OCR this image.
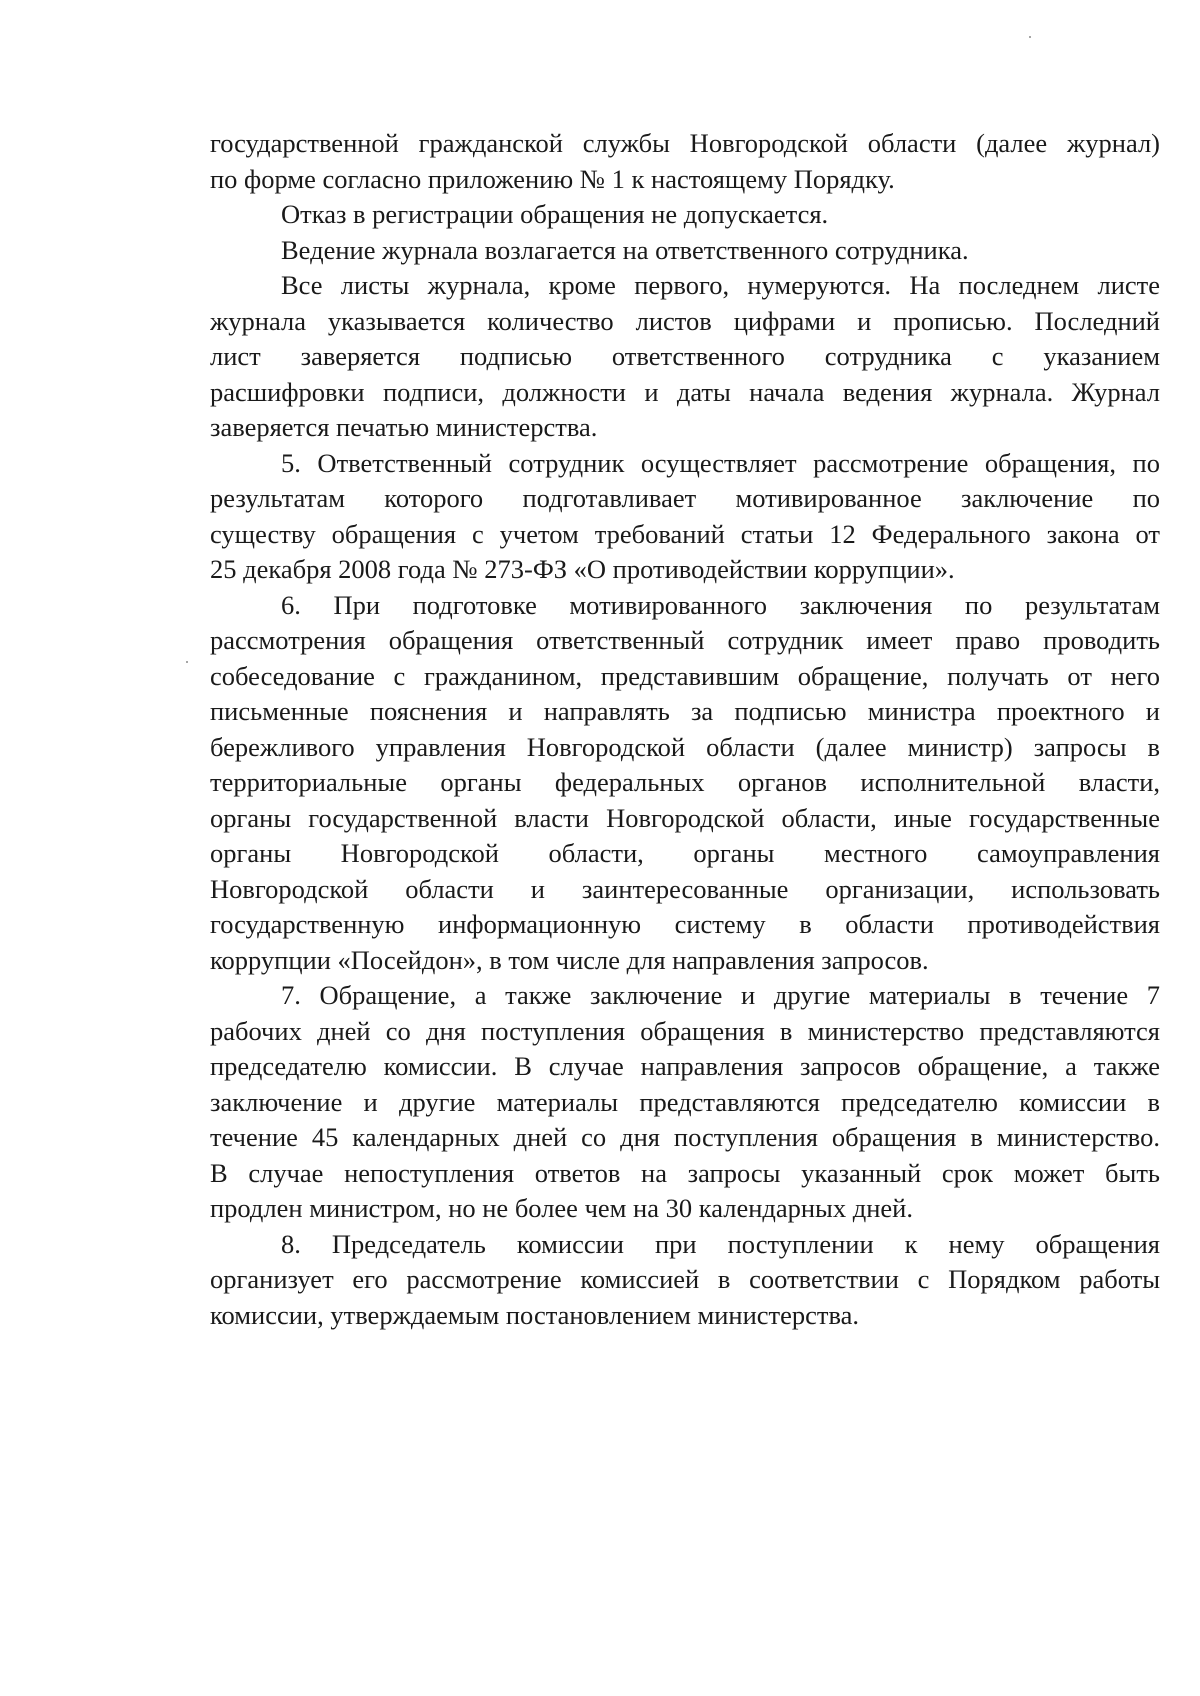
государственной гражданской службы Новгородской области (далее журнал)
по форме согласно приложению № 1 к настоящему Порядку.
Отказ в регистрации обращения не допускается.
Ведение журнала возлагается на ответственного сотрудника.
Все листы журнала, кроме первого, нумеруются. На последнем листе
журнала указывается количество листов цифрами и прописью. Последний
лист заверяется подписью ответственного сотрудника с указанием
расшифровки подписи, должности и даты начала ведения журнала. Журнал
заверяется печатью министерства.
5. Ответственный сотрудник осуществляет рассмотрение обращения, по
результатам которого подготавливает мотивированное заключение по
существу обращения с учетом требований статьи 12 Федерального закона от
25 декабря 2008 года № 273-ФЗ «О противодействии коррупции».
6. При подготовке мотивированного заключения по результатам
рассмотрения обращения ответственный сотрудник имеет право проводить
собеседование с гражданином, представившим обращение, получать от него
письменные пояснения и направлять за подписью министра проектного и
бережливого управления Новгородской области (далее министр) запросы в
территориальные органы федеральных органов исполнительной власти,
органы государственной власти Новгородской области, иные государственные
органы Новгородской области, органы местного самоуправления
Новгородской области и заинтересованные организации, использовать
государственную информационную систему в области противодействия
коррупции «Посейдон», в том числе для направления запросов.
7. Обращение, а также заключение и другие материалы в течение 7
рабочих дней со дня поступления обращения в министерство представляются
председателю комиссии. В случае направления запросов обращение, а также
заключение и другие материалы представляются председателю комиссии в
течение 45 календарных дней со дня поступления обращения в министерство.
В случае непоступления ответов на запросы указанный срок может быть
продлен министром, но не более чем на 30 календарных дней.
8. Председатель комиссии при поступлении к нему обращения
организует его рассмотрение комиссией в соответствии с Порядком работы
комиссии, утверждаемым постановлением министерства.
